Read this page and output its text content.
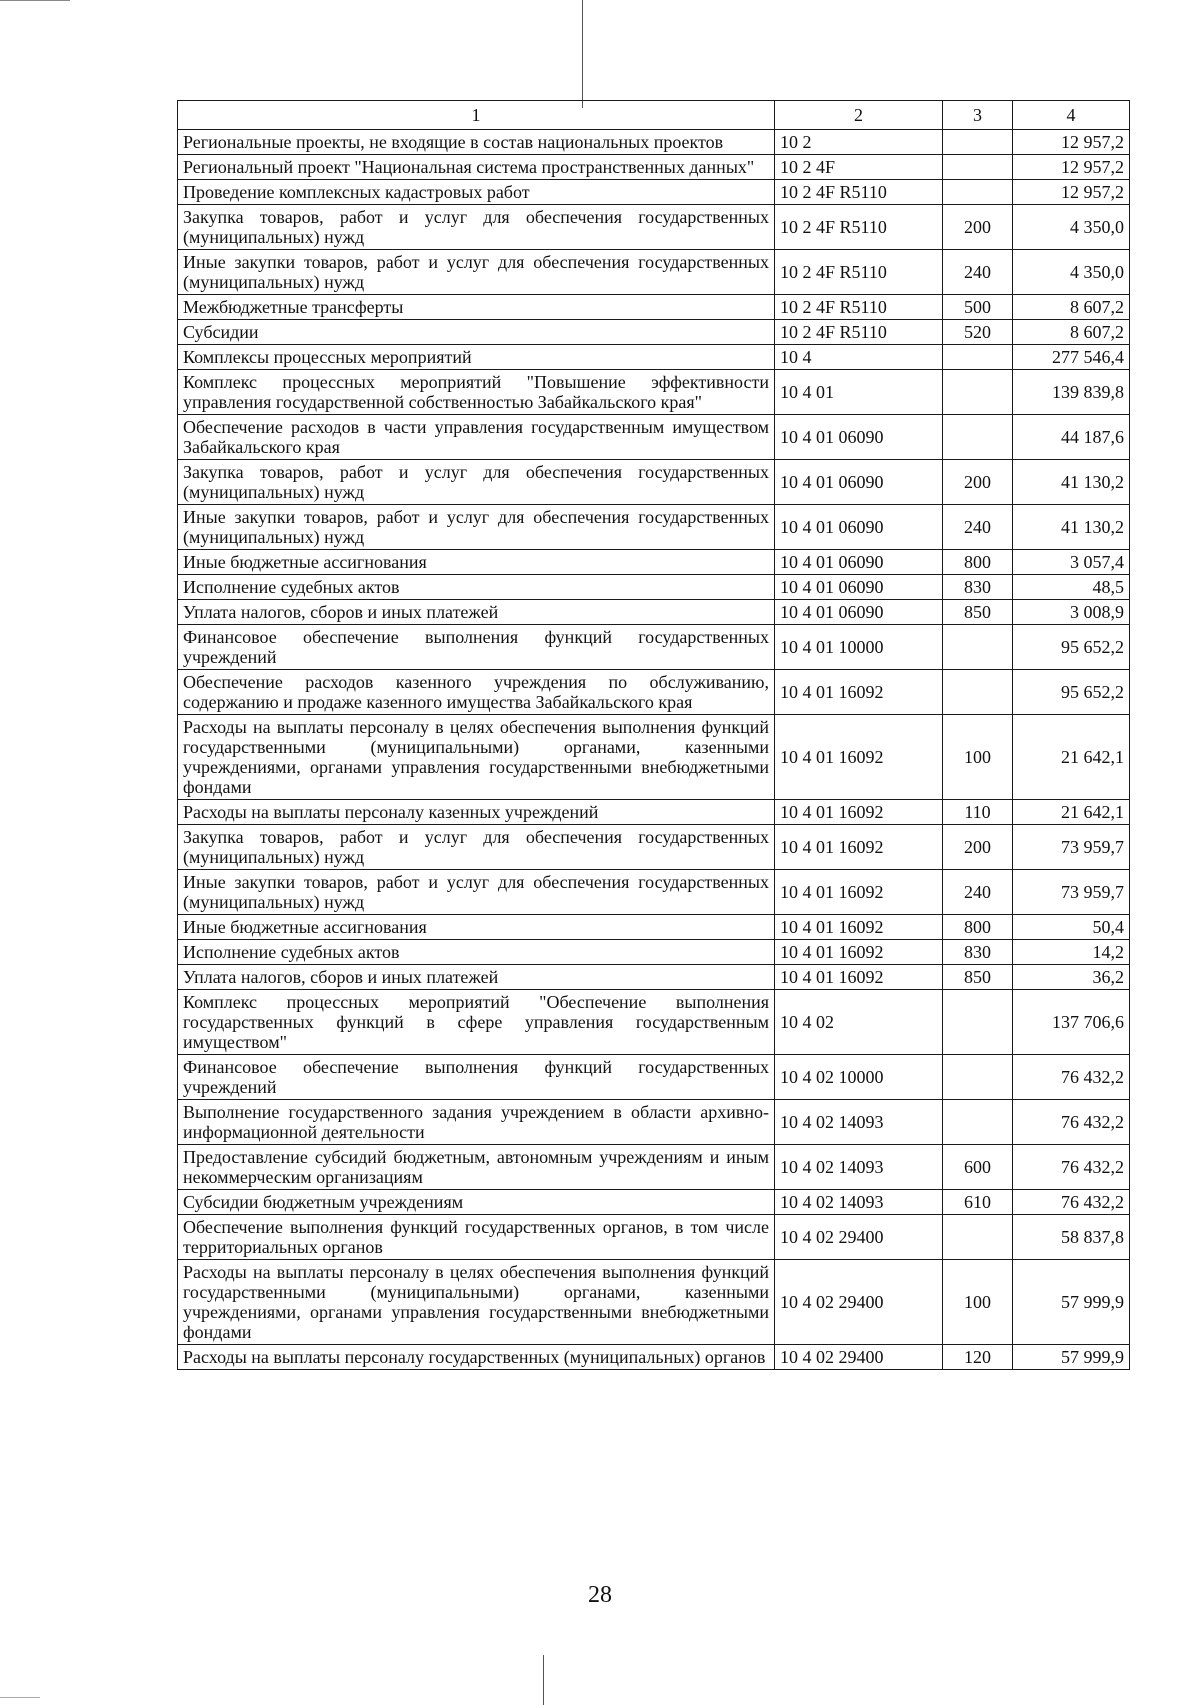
1	2	3	4
Региональные проекты, не входящие в состав национальных проектов	10 2		12 957,2
Региональный проект "Национальная система пространственных данных"	10 2 4F		12 957,2
Проведение комплексных кадастровых работ	10 2 4F R5110		12 957,2
Закупка товаров, работ и услуг для обеспечения государственных (муниципальных) нужд	10 2 4F R5110	200	4 350,0
Иные закупки товаров, работ и услуг для обеспечения государственных (муниципальных) нужд	10 2 4F R5110	240	4 350,0
Межбюджетные трансферты	10 2 4F R5110	500	8 607,2
Субсидии	10 2 4F R5110	520	8 607,2
Комплексы процессных мероприятий	10 4		277 546,4
Комплекс процессных мероприятий "Повышение эффективности управления государственной собственностью Забайкальского края"	10 4 01		139 839,8
Обеспечение расходов в части управления государственным имуществом Забайкальского края	10 4 01 06090		44 187,6
Закупка товаров, работ и услуг для обеспечения государственных (муниципальных) нужд	10 4 01 06090	200	41 130,2
Иные закупки товаров, работ и услуг для обеспечения государственных (муниципальных) нужд	10 4 01 06090	240	41 130,2
Иные бюджетные ассигнования	10 4 01 06090	800	3 057,4
Исполнение судебных актов	10 4 01 06090	830	48,5
Уплата налогов, сборов и иных платежей	10 4 01 06090	850	3 008,9
Финансовое обеспечение выполнения функций государственных учреждений	10 4 01 10000		95 652,2
Обеспечение расходов казенного учреждения по обслуживанию, содержанию и продаже казенного имущества Забайкальского края	10 4 01 16092		95 652,2
Расходы на выплаты персоналу в целях обеспечения выполнения функций государственными (муниципальными) органами, казенными учреждениями, органами управления государственными внебюджетными фондами	10 4 01 16092	100	21 642,1
Расходы на выплаты персоналу казенных учреждений	10 4 01 16092	110	21 642,1
Закупка товаров, работ и услуг для обеспечения государственных (муниципальных) нужд	10 4 01 16092	200	73 959,7
Иные закупки товаров, работ и услуг для обеспечения государственных (муниципальных) нужд	10 4 01 16092	240	73 959,7
Иные бюджетные ассигнования	10 4 01 16092	800	50,4
Исполнение судебных актов	10 4 01 16092	830	14,2
Уплата налогов, сборов и иных платежей	10 4 01 16092	850	36,2
Комплекс процессных мероприятий "Обеспечение выполнения государственных функций в сфере управления государственным имуществом"	10 4 02		137 706,6
Финансовое обеспечение выполнения функций государственных учреждений	10 4 02 10000		76 432,2
Выполнение государственного задания учреждением в области архивно-информационной деятельности	10 4 02 14093		76 432,2
Предоставление субсидий бюджетным, автономным учреждениям и иным некоммерческим организациям	10 4 02 14093	600	76 432,2
Субсидии бюджетным учреждениям	10 4 02 14093	610	76 432,2
Обеспечение выполнения функций государственных органов, в том числе территориальных органов	10 4 02 29400		58 837,8
Расходы на выплаты персоналу в целях обеспечения выполнения функций государственными (муниципальными) органами, казенными учреждениями, органами управления государственными внебюджетными фондами	10 4 02 29400	100	57 999,9
Расходы на выплаты персоналу государственных (муниципальных) органов	10 4 02 29400	120	57 999,9
28
